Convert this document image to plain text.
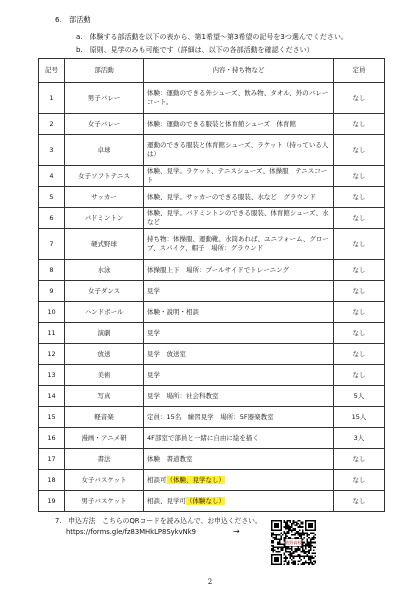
6.　部活動
a.　体験する部活動を以下の表から、第1希望～第3希望の記号を3つ選んでください。
b.　原則、見学のみも可能です（詳細は、以下の各部活動を確認ください）
記号	部活動	内容・持ち物など	定員
1	男子バレー	体験：運動のできる外シューズ、飲み物、タオル、外のバレーコート。	なし
2	女子バレー	体験：運動のできる服装と体育館シューズ　体育館	なし
3	卓球	運動のできる服装と体育館シューズ、ラケット（持っている人は）	なし
4	女子ソフトテニス	体験、見学。ラケット、テニスシューズ、体操服　テニスコート	なし
5	サッカー	体験、見学。サッカーのできる服装、水など　グラウンド	なし
6	バドミントン	体験、見学。バドミントンのできる服装、体育館シューズ、水など	なし
7	硬式野球	持ち物：体操服、運動靴、水筒あれば、ユニフォーム、グローブ、スパイク、帽子　場所：グラウンド	なし
8	水泳	体操服上下　場所：プールサイドでトレーニング	なし
9	女子ダンス	見学	なし
10	ハンドボール	体験・説明・相談	なし
11	演劇	見学	なし
12	放送	見学　放送室	なし
13	美術	見学	なし
14	写真	見学　場所：社会科教室	5人
15	軽音楽	定員：15名　練習見学　場所：5F器楽教室	15人
16	漫画・アニメ研	4F部室で部員と一緒に自由に絵を描く	3人
17	書法	体験　書道教室	なし
18	女子バスケット	相談可（体験、見学なし）	なし
19	男子バスケット	相談、見学可（体験なし）	なし
7.　申込方法　こちらのQRコードを読み込んで、お申込ください。
https://forms.gle/fz83MHkLP8SykvNk9	→
佐野高校
2
